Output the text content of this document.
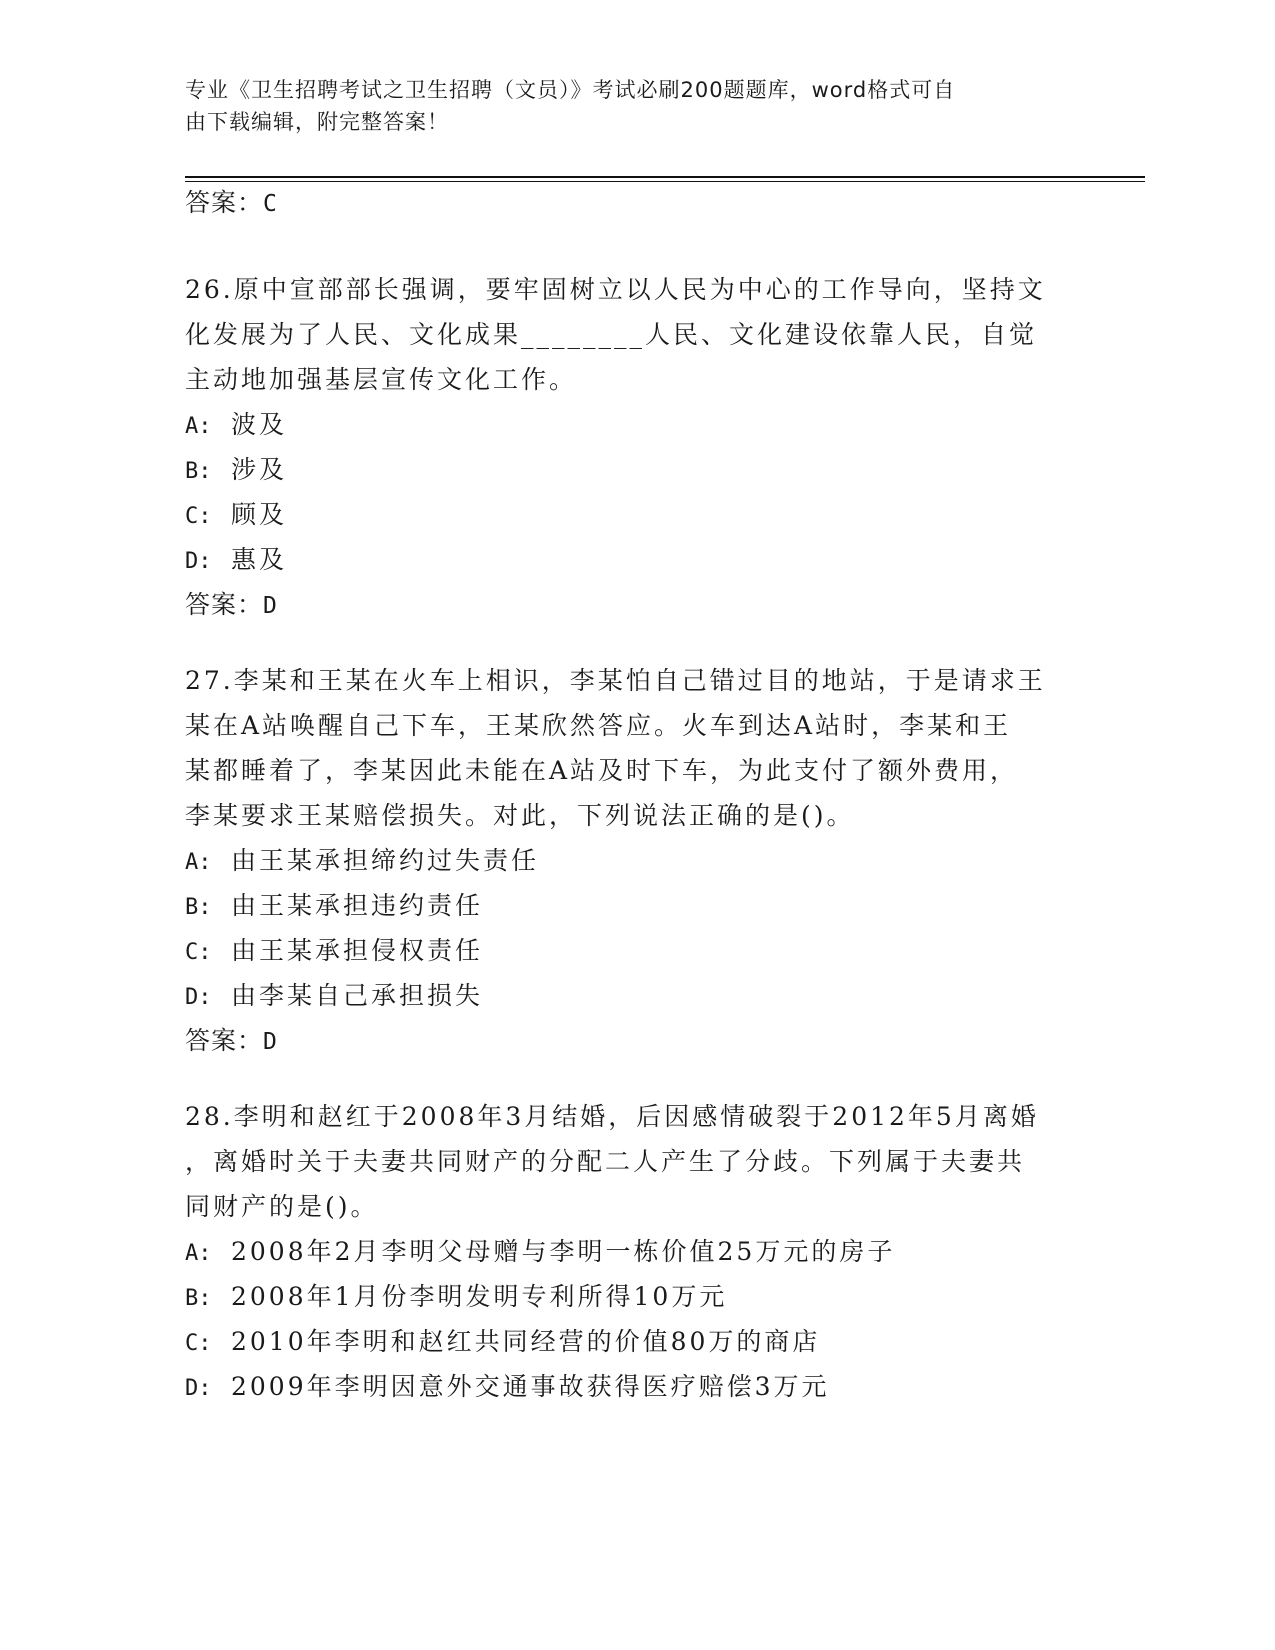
专业《卫生招聘考试之卫生招聘（文员）》考试必刷200题题库，word格式可自
由下载编辑，附完整答案！
答案：C
26.原中宣部部长强调，要牢固树立以人民为中心的工作导向，坚持文
化发展为了人民、文化成果________人民、文化建设依靠人民，自觉
主动地加强基层宣传文化工作。
A: 波及
B: 涉及
C: 顾及
D: 惠及
答案：D
27.李某和王某在火车上相识，李某怕自己错过目的地站，于是请求王
某在A站唤醒自己下车，王某欣然答应。火车到达A站时，李某和王
某都睡着了，李某因此未能在A站及时下车，为此支付了额外费用，
李某要求王某赔偿损失。对此，下列说法正确的是()。
A: 由王某承担缔约过失责任
B: 由王某承担违约责任
C: 由王某承担侵权责任
D: 由李某自己承担损失
答案：D
28.李明和赵红于2008年3月结婚，后因感情破裂于2012年5月离婚
，离婚时关于夫妻共同财产的分配二人产生了分歧。下列属于夫妻共
同财产的是()。
A: 2008年2月李明父母赠与李明一栋价值25万元的房子
B: 2008年1月份李明发明专利所得10万元
C: 2010年李明和赵红共同经营的价值80万的商店
D: 2009年李明因意外交通事故获得医疗赔偿3万元
